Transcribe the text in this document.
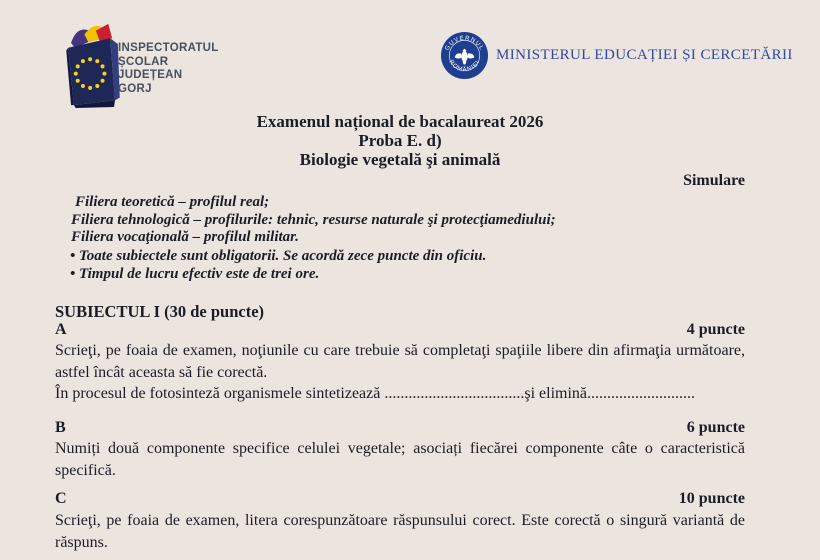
INSPECTORATUL
ȘCOLAR
JUDEȚEAN
GORJ
GUVERNUL
ROMÂNIEI MINISTERUL EDUCAȚIEI ȘI CERCETĂRII
Examenul național de bacalaureat 2026
Proba E. d)
Biologie vegetală şi animală
Simulare
Filiera teoretică – profilul real;
Filiera tehnologică – profilurile: tehnic, resurse naturale şi protecţiamediului;
Filiera vocaţională – profilul militar.
• Toate subiectele sunt obligatorii. Se acordă zece puncte din oficiu.
• Timpul de lucru efectiv este de trei ore.
SUBIECTUL I (30 de puncte)
A	4 puncte
Scrieţi, pe foaia de examen, noţiunile cu care trebuie să completaţi spaţiile libere din afirmaţia următoare, astfel încât aceasta să fie corectă.
În procesul de fotosinteză organismele sintetizează ...................................şi elimină...........................
B	6 puncte
Numiți două componente specifice celulei vegetale; asociați fiecărei componente câte o caracteristică specifică.
C	10 puncte
Scrieţi, pe foaia de examen, litera corespunzătoare răspunsului corect. Este corectă o singură variantă de răspuns.
